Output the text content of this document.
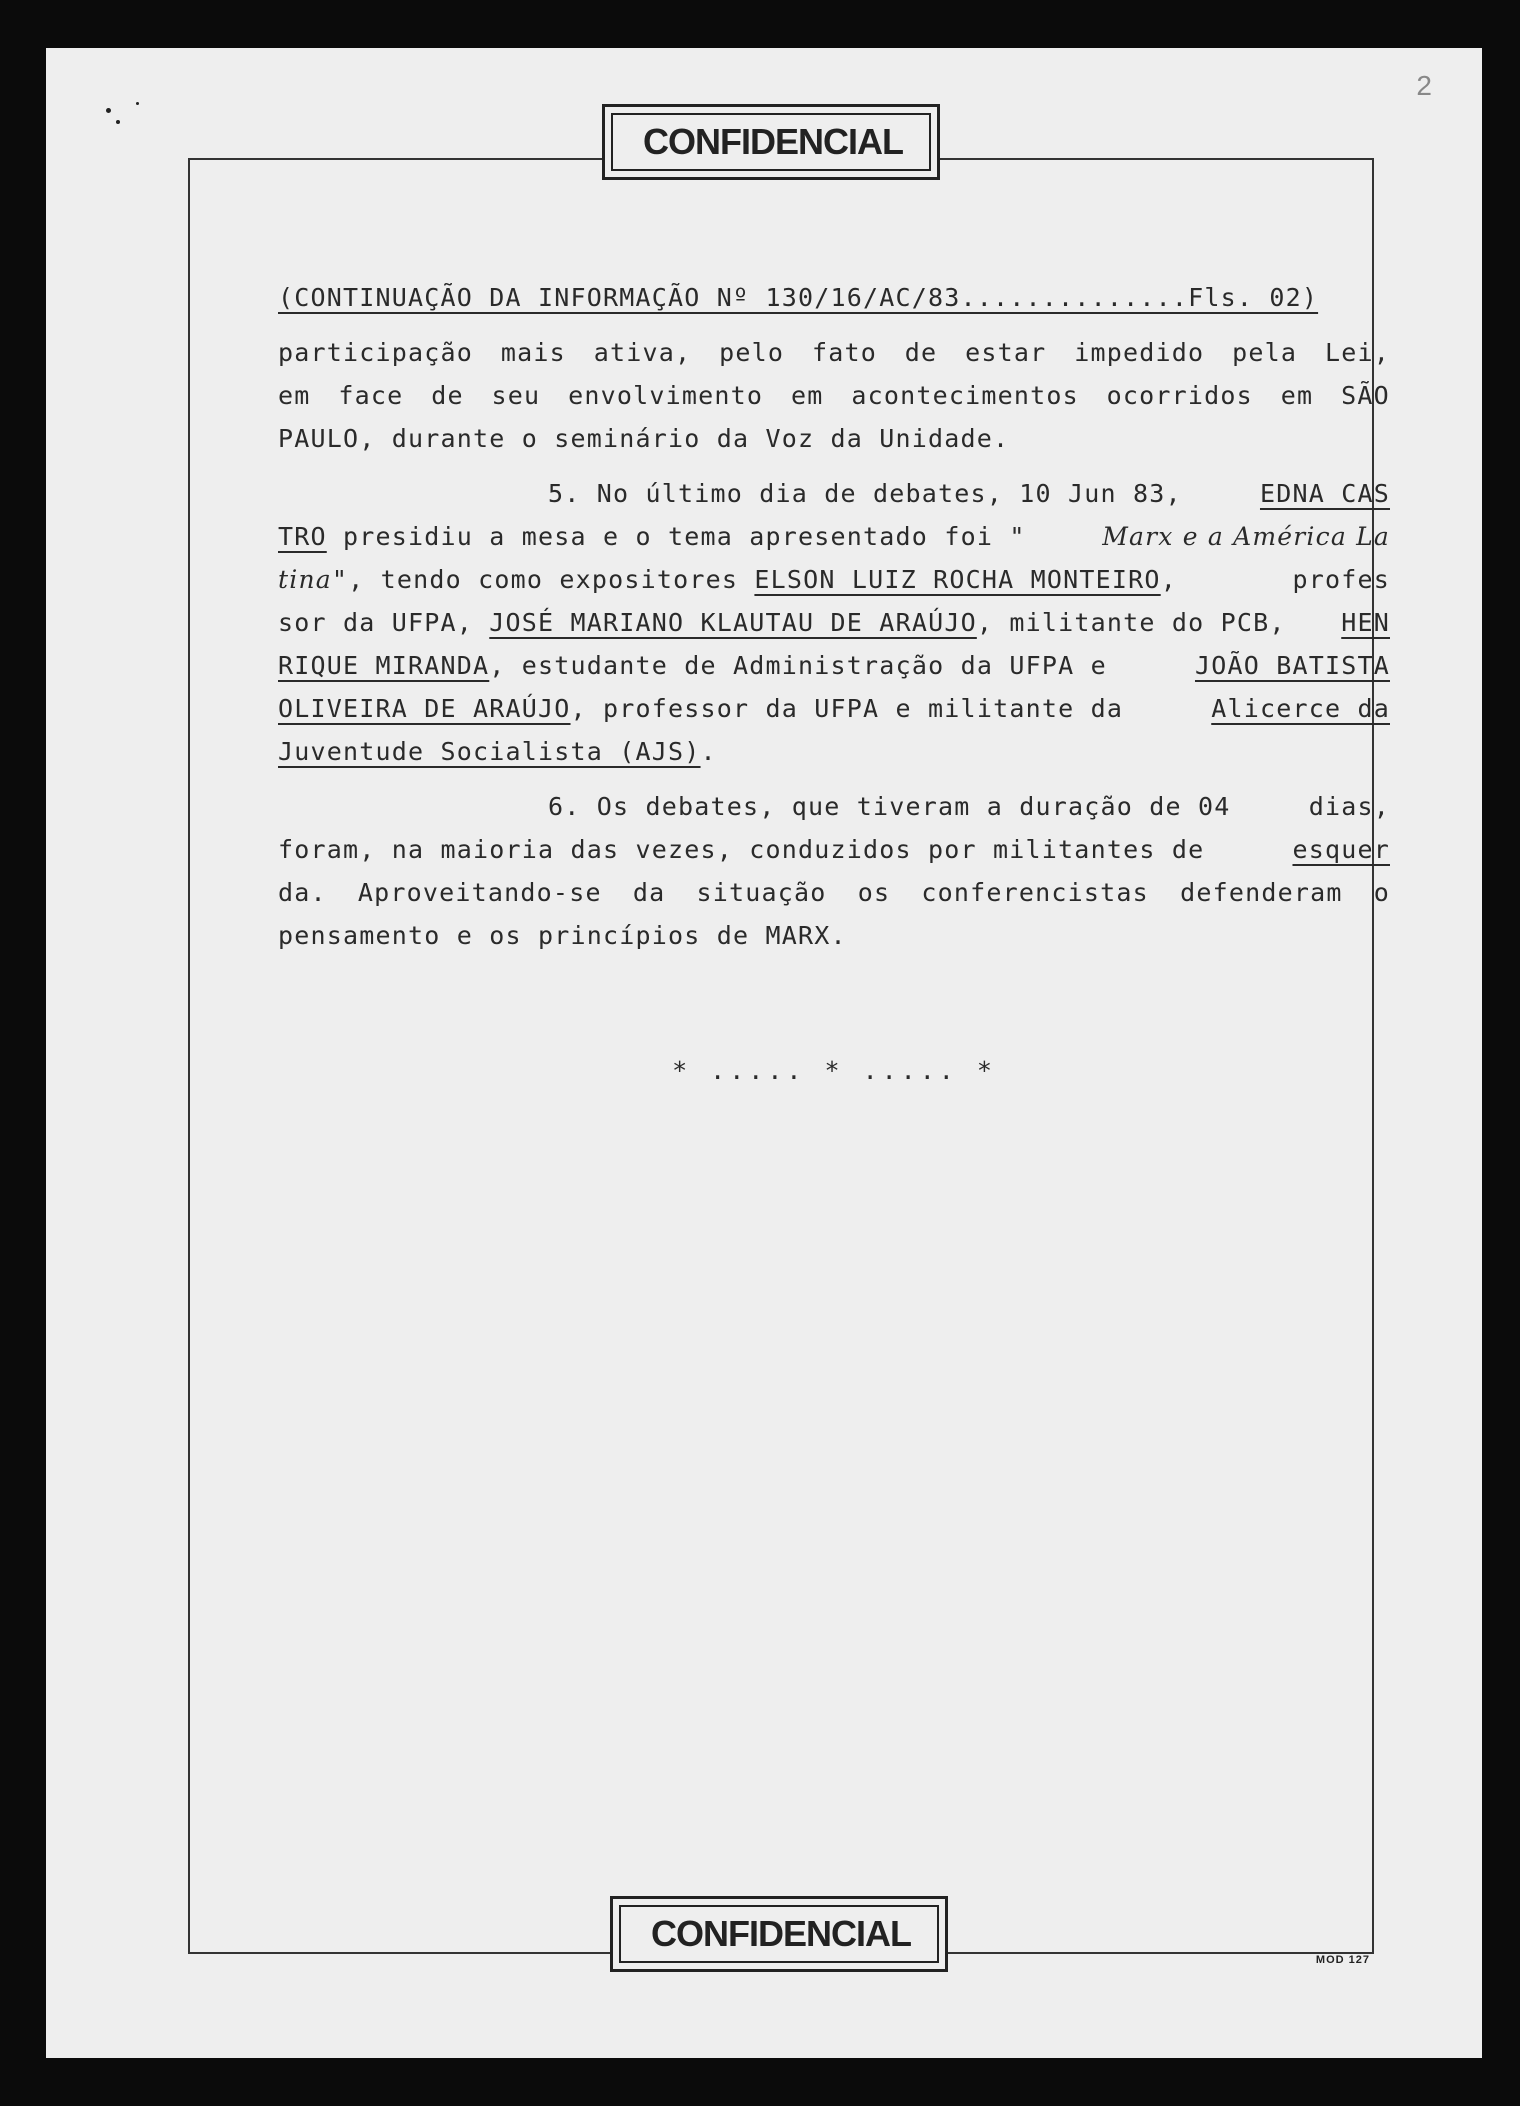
2
CONFIDENCIAL
(CONTINUAÇÃO DA INFORMAÇÃO Nº 130/16/AC/83..............Fls. 02)
participação mais ativa, pelo fato de estar impedido pela Lei,
em face de seu envolvimento em acontecimentos ocorridos em SÃO
PAULO, durante o seminário da Voz da Unidade.
5. No último dia de debates, 10 Jun 83, EDNA CAS
TRO presidiu a mesa e o tema apresentado foi "	Marx e a América La
tina", tendo como expositores ELSON LUIZ ROCHA MONTEIRO,	profes
sor da UFPA, JOSÉ MARIANO KLAUTAU DE ARAÚJO, militante do PCB, HEN
RIQUE MIRANDA, estudante de Administração da UFPA e	JOÃO BATISTA
OLIVEIRA DE ARAÚJO, professor da UFPA e militante da	Alicerce da
Juventude Socialista (AJS).
6. Os debates, que tiveram a duração de 04	dias,
foram, na maioria das vezes, conduzidos por militantes de	esquer
da. Aproveitando-se da situação os conferencistas defenderam o
pensamento e os princípios de MARX.
* ..... * ..... *
CONFIDENCIAL
MOD 127
